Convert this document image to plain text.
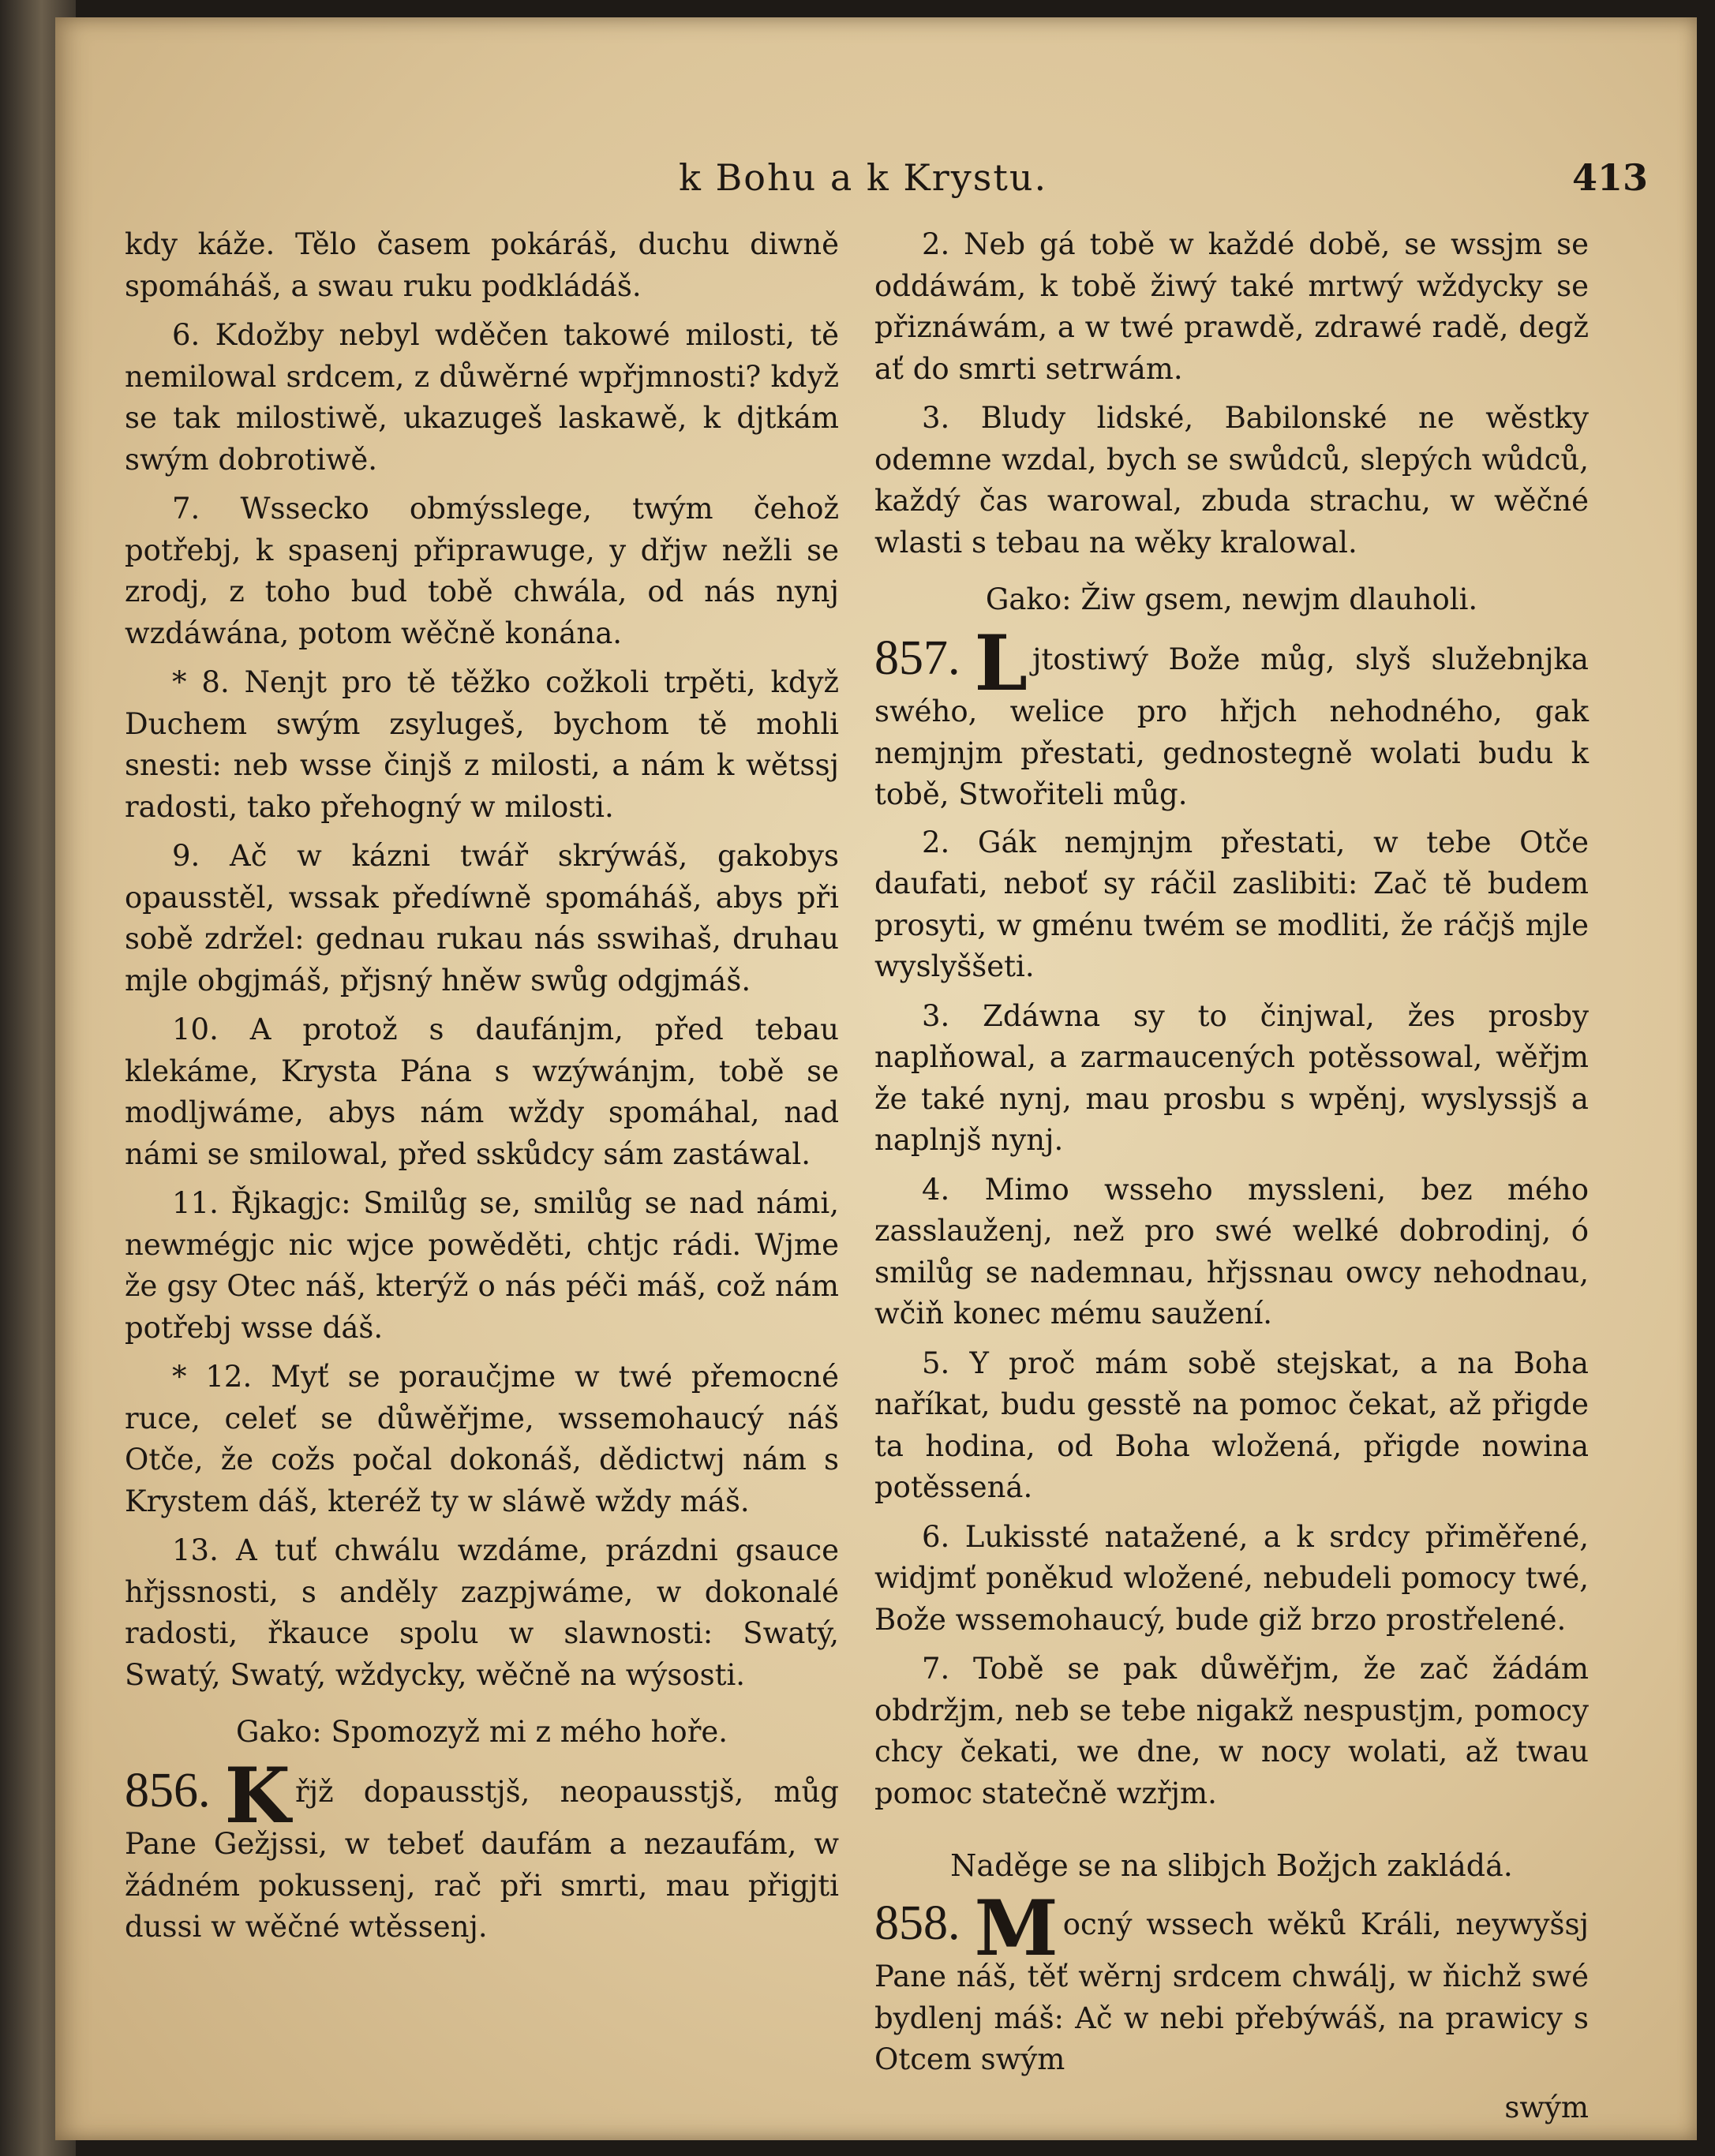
k Bohu a k Krystu.	413

kdy káže. Tělo časem pokáráš, duchu diwně spomáháš, a swau ruku podkládáš.

6. Kdožby nebyl wděčen takowé milosti, tě nemilowal srdcem, z důwěrné wpřjmnosti? když se tak milostiwě, ukazugeš laskawě, k djtkám swým dobrotiwě.

7. Wssecko obmýsslege, twým čehož potřebj, k spasenj připrawuge, y dřjw nežli se zrodj, z toho bud tobě chwála, od nás nynj wzdáwána, potom wěčně konána.

* 8. Nenjt pro tě těžko cožkoli trpěti, když Duchem swým zsylugeš, bychom tě mohli snesti: neb wsse činjš z milosti, a nám k wětssj radosti, tako přehogný w milosti.

9. Ač w kázni twář skrýwáš, gakobys opausstěl, wssak předíwně spomáháš, abys při sobě zdržel: gednau rukau nás sswihaš, druhau mjle obgjmáš, přjsný hněw swůg odgjmáš.

10. A protož s daufánjm, před tebau klekáme, Krysta Pána s wzýwánjm, tobě se modljwáme, abys nám wždy spomáhal, nad námi se smilowal, před sskůdcy sám zastáwal.

11. Řjkagjc: Smilůg se, smilůg se nad námi, newmégjc nic wjce powěděti, chtjc rádi. Wjme že gsy Otec náš, kterýž o nás péči máš, což nám potřebj wsse dáš.

* 12. Myť se poraučjme w twé přemocné ruce, celeť se důwěřjme, wssemohaucý náš Otče, že cožs počal dokonáš, dědictwj nám s Krystem dáš, kteréž ty w sláwě wždy máš.

13. A tuť chwálu wzdáme, prázdni gsauce hřjssnosti, s anděly zazpjwáme, w dokonalé radosti, řkauce spolu w slawnosti: Swatý, Swatý, Swatý, wždycky, wěčně na wýsosti.

Gako: Spomozyž mi z mého hoře.

856. K řjž dopausstjš, neopausstjš, můg Pane Gežjssi, w tebeť daufám a nezaufám, w žádném pokussenj, rač při smrti, mau přigjti dussi w wěčné wtěssenj.

2. Neb gá tobě w každé době, se wssjm se oddáwám, k tobě žiwý také mrtwý wždycky se přiznáwám, a w twé prawdě, zdrawé radě, degž ať do smrti setrwám.

3. Bludy lidské, Babilonské ne wěstky odemne wzdal, bych se swůdců, slepých wůdců, každý čas warowal, zbuda strachu, w wěčné wlasti s tebau na wěky kralowal.

Gako: Žiw gsem, newjm dlauholi.

857. L jtostiwý Bože můg, slyš služebnjka swého, welice pro hřjch nehodného, gak nemjnjm přestati, gednostegně wolati budu k tobě, Stwořiteli můg.

2. Gák nemjnjm přestati, w tebe Otče daufati, neboť sy ráčil zaslibiti: Zač tě budem prosyti, w gménu twém se modliti, že ráčjš mjle wyslyššeti.

3. Zdáwna sy to činjwal, žes prosby naplňowal, a zarmaucených potěssowal, wěřjm že také nynj, mau prosbu s wpěnj, wyslyssjš a naplnjš nynj.

4. Mimo wsseho myssleni, bez mého zasslauženj, než pro swé welké dobrodinj, ó smilůg se nademnau, hřjssnau owcy nehodnau, wčiň konec mému saužení.

5. Y proč mám sobě stejskat, a na Boha naříkat, budu gesstě na pomoc čekat, až přigde ta hodina, od Boha wložená, přigde nowina potěssená.

6. Lukissté natažené, a k srdcy přiměřené, widjmť poněkud wložené, nebudeli pomocy twé, Bože wssemohaucý, bude giž brzo prostřelené.

7. Tobě se pak důwěřjm, že zač žádám obdržjm, neb se tebe nigakž nespustjm, pomocy chcy čekati, we dne, w nocy wolati, až twau pomoc statečně wzřjm.

Naděge se na slibjch Božjch zakládá.

858. M ocný wssech wěků Králi, neywyšsj Pane náš, těť wěrnj srdcem chwálj, w ňichž swé bydlenj máš: Ač w nebi přebýwáš, na prawicy s Otcem swým

swým
